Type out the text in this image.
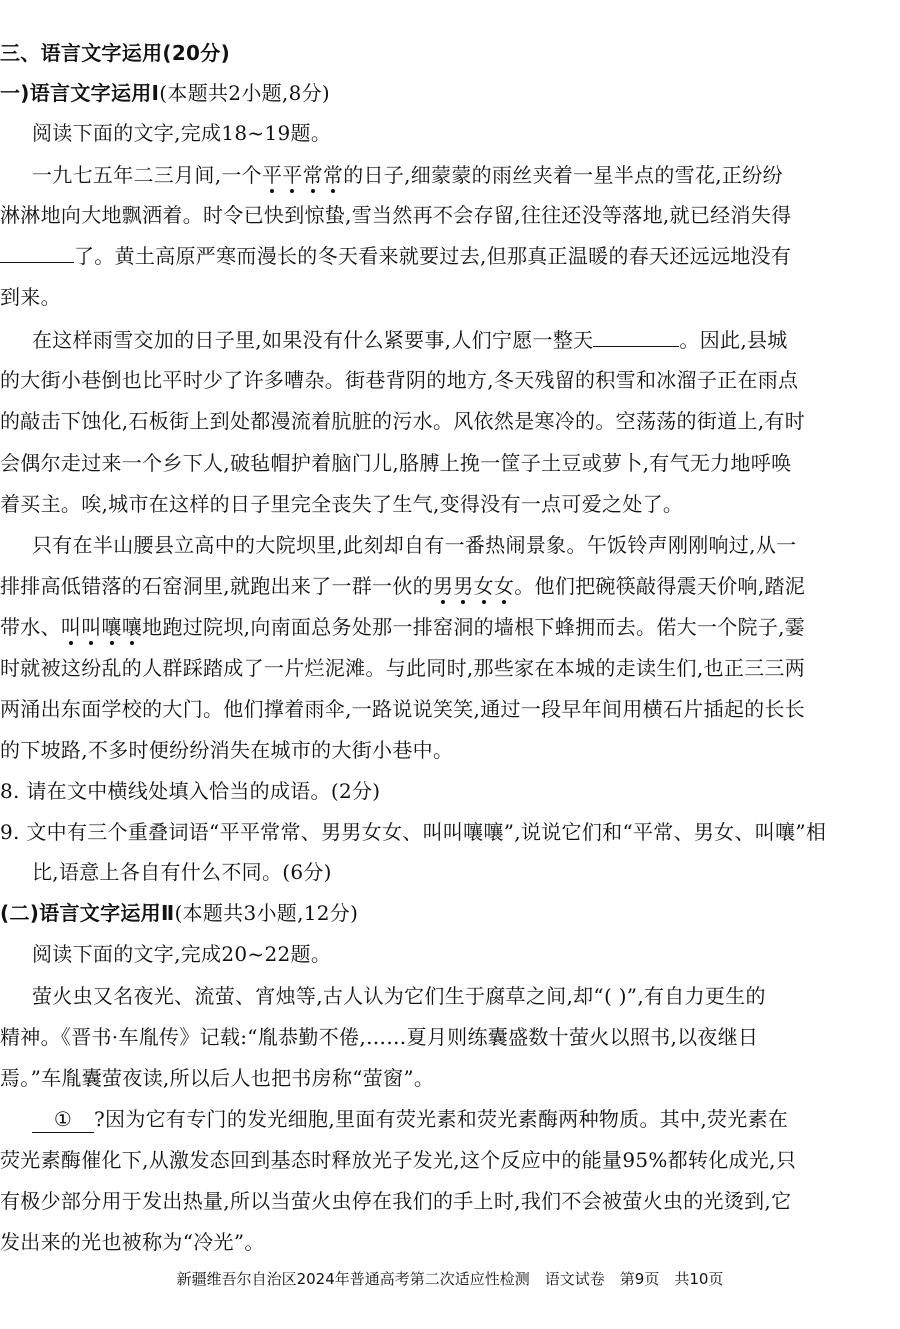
三、语言文字运用(20分)
一)语言文字运用Ⅰ(本题共2小题,8分)
阅读下面的文字,完成18~19题。
一九七五年二三月间,一个平平常常的日子,细蒙蒙的雨丝夹着一星半点的雪花,正纷纷
淋淋地向大地飘洒着。时令已快到惊蛰,雪当然再不会存留,往往还没等落地,就已经消失得
了。黄土高原严寒而漫长的冬天看来就要过去,但那真正温暖的春天还远远地没有
到来。
在这样雨雪交加的日子里,如果没有什么紧要事,人们宁愿一整天	。因此,县城
的大街小巷倒也比平时少了许多嘈杂。街巷背阴的地方,冬天残留的积雪和冰溜子正在雨点
的敲击下蚀化,石板街上到处都漫流着肮脏的污水。风依然是寒冷的。空荡荡的街道上,有时
会偶尔走过来一个乡下人,破毡帽护着脑门儿,胳膊上挽一筐子土豆或萝卜,有气无力地呼唤
着买主。唉,城市在这样的日子里完全丧失了生气,变得没有一点可爱之处了。
只有在半山腰县立高中的大院坝里,此刻却自有一番热闹景象。午饭铃声刚刚响过,从一
排排高低错落的石窑洞里,就跑出来了一群一伙的男男女女。他们把碗筷敲得震天价响,踏泥
带水、叫叫嚷嚷地跑过院坝,向南面总务处那一排窑洞的墙根下蜂拥而去。偌大一个院子,霎
时就被这纷乱的人群踩踏成了一片烂泥滩。与此同时,那些家在本城的走读生们,也正三三两
两涌出东面学校的大门。他们撑着雨伞,一路说说笑笑,通过一段早年间用横石片插起的长长
的下坡路,不多时便纷纷消失在城市的大街小巷中。
8. 请在文中横线处填入恰当的成语。(2分)
9. 文中有三个重叠词语“平平常常、男男女女、叫叫嚷嚷”,说说它们和“平常、男女、叫嚷”相
比,语意上各自有什么不同。(6分)
(二)语言文字运用Ⅱ(本题共3小题,12分)
阅读下面的文字,完成20~22题。
萤火虫又名夜光、流萤、宵烛等,古人认为它们生于腐草之间,却“( )”,有自力更生的
精神。《晋书·车胤传》记载:“胤恭勤不倦,……夏月则练囊盛数十萤火以照书,以夜继日
焉。”车胤囊萤夜读,所以后人也把书房称“萤窗”。
① ?因为它有专门的发光细胞,里面有荧光素和荧光素酶两种物质。其中,荧光素在
荧光素酶催化下,从激发态回到基态时释放光子发光,这个反应中的能量95%都转化成光,只
有极少部分用于发出热量,所以当萤火虫停在我们的手上时,我们不会被萤火虫的光烫到,它
发出来的光也被称为“冷光”。
新疆维吾尔自治区2024年普通高考第二次适应性检测　语文试卷　第9页　共10页
